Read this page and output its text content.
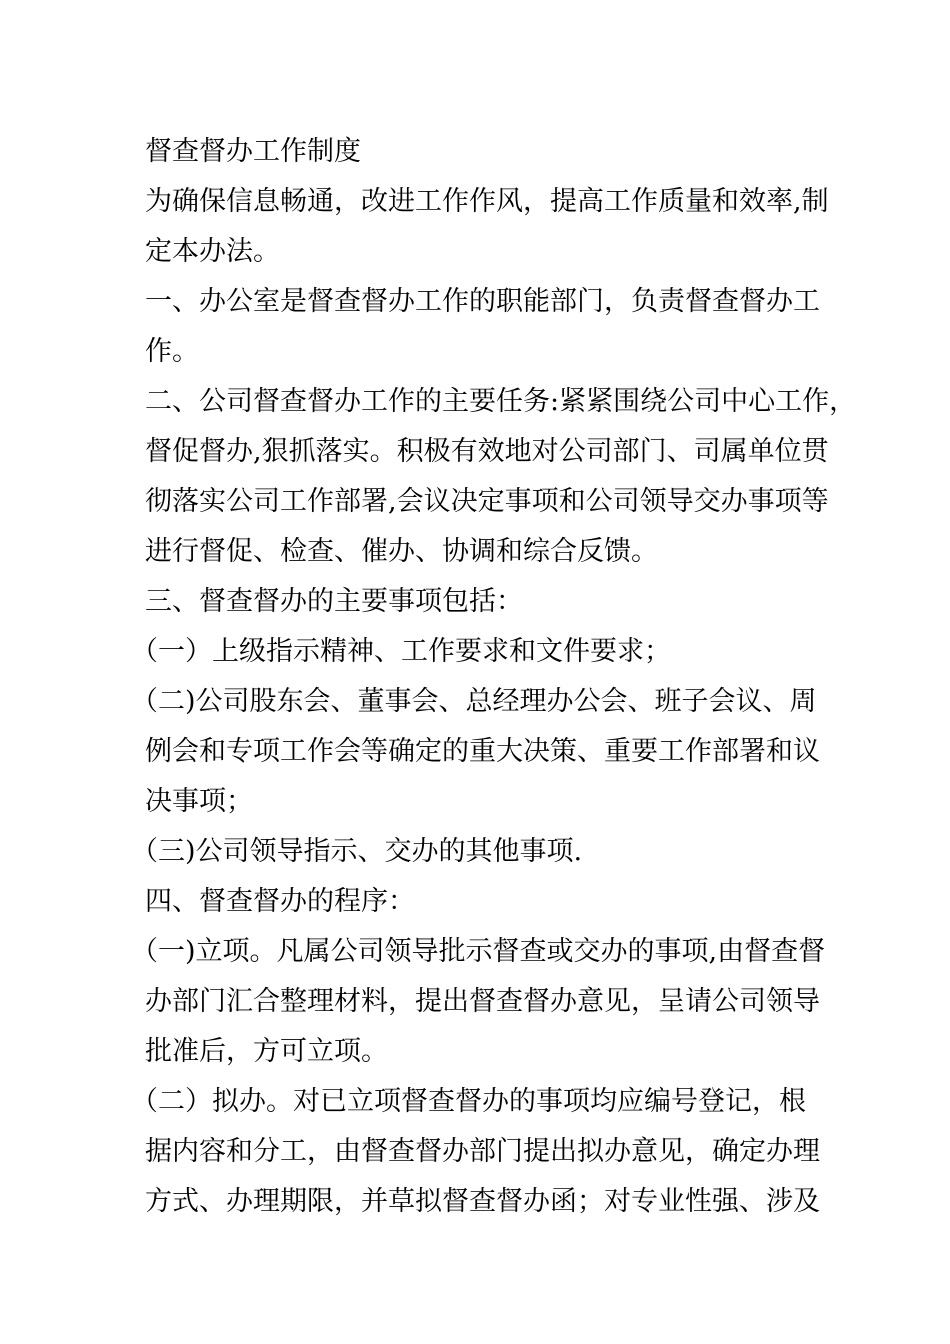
督查督办工作制度
为确保信息畅通，改进工作作风，提高工作质量和效率,制
定本办法。
一、办公室是督查督办工作的职能部门，负责督查督办工
作。
二、公司督查督办工作的主要任务:紧紧围绕公司中心工作，
督促督办,狠抓落实。积极有效地对公司部门、司属单位贯
彻落实公司工作部署,会议决定事项和公司领导交办事项等
进行督促、检查、催办、协调和综合反馈。
三、督查督办的主要事项包括：
（一）上级指示精神、工作要求和文件要求；
（二)公司股东会、董事会、总经理办公会、班子会议、周
例会和专项工作会等确定的重大决策、重要工作部署和议
决事项；
（三)公司领导指示、交办的其他事项.
四、督查督办的程序：
（一)立项。凡属公司领导批示督查或交办的事项,由督查督
办部门汇合整理材料，提出督查督办意见，呈请公司领导
批准后，方可立项。
（二）拟办。对已立项督查督办的事项均应编号登记，根
据内容和分工，由督查督办部门提出拟办意见，确定办理
方式、办理期限，并草拟督查督办函；对专业性强、涉及
